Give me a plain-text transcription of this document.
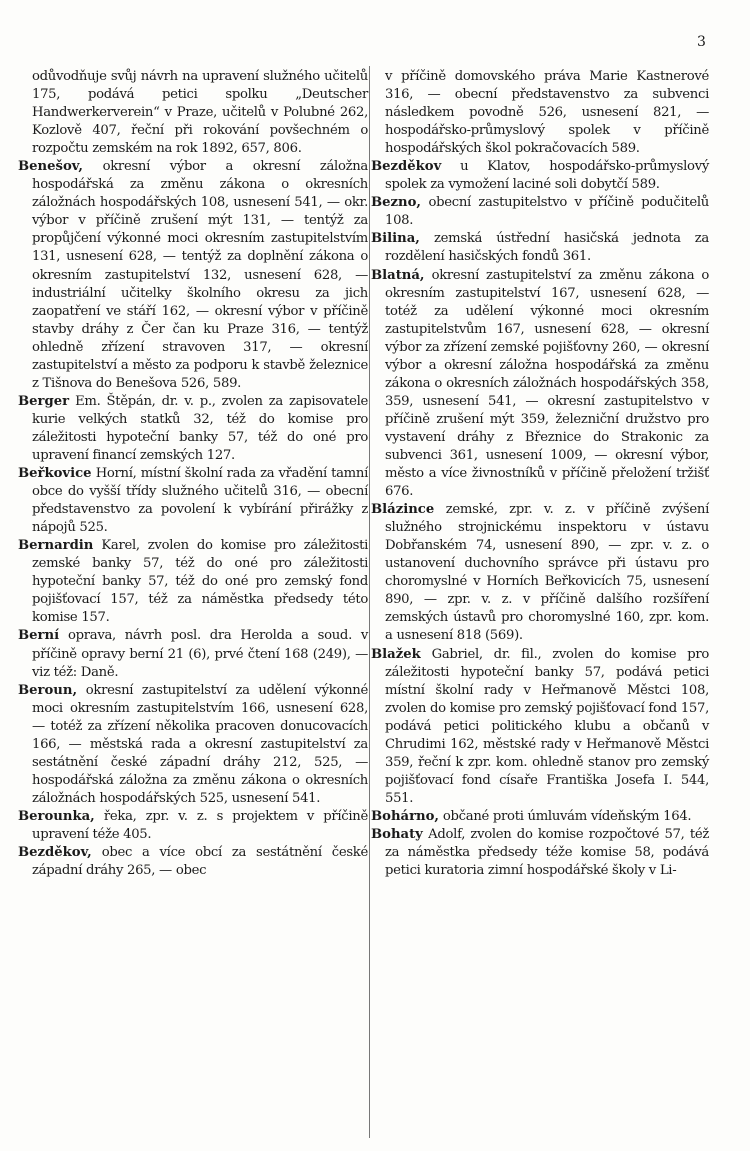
3

odůvodňuje svůj návrh na upravení služného učitelů 175, podává petici spolku „Deutscher Handwerkerverein“ v Praze, učitelů v Polubné 262, Kozlově 407, řeční při rokování povšechném o rozpočtu zemském na rok 1892, 657, 806.

Benešov, okresní výbor a okresní záložna hospodářská za změnu zákona o okresních záložnách hospodářských 108, usnesení 541, — okr. výbor v příčině zrušení mýt 131, — tentýž za propůjčení výkonné moci okresním zastupitelstvím 131, usnesení 628, — tentýž za doplnění zákona o okresním zastupitelství 132, usnesení 628, — industriální učitelky školního okresu za jich zaopatření ve stáří 162, — okresní výbor v příčině stavby dráhy z Čer čan ku Praze 316, — tentýž ohledně zřízení stravoven 317, — okresní zastupitelství a město za podporu k stavbě železnice z Tišnova do Benešova 526, 589.

Berger Em. Štěpán, dr. v. p., zvolen za zapisovatele kurie velkých statků 32, též do komise pro záležitosti hypoteční banky 57, též do oné pro upravení financí zemských 127.

Beřkovice Horní, místní školní rada za vřadění tamní obce do vyšší třídy služného učitelů 316, — obecní představenstvo za povolení k vybírání přirážky z nápojů 525.

Bernardin Karel, zvolen do komise pro záležitosti zemské banky 57, též do oné pro záležitosti hypoteční banky 57, též do oné pro zemský fond pojišťovací 157, též za náměstka předsedy této komise 157.

Berní oprava, návrh posl. dra Herolda a soud. v příčině opravy berní 21 (6), prvé čtení 168 (249), — viz též: Daně.

Beroun, okresní zastupitelství za udělení výkonné moci okresním zastupitelstvím 166, usnesení 628, — totéž za zřízení několika pracoven donucovacích 166, — městská rada a okresní zastupitelství za sestátnění české západní dráhy 212, 525, — hospodářská záložna za změnu zákona o okresních záložnách hospodářských 525, usnesení 541.

Berounka, řeka, zpr. v. z. s projektem v příčině upravení téže 405.

Bezděkov, obec a více obcí za sestátnění české západní dráhy 265, — obec

v příčině domovského práva Marie Kastnerové 316, — obecní představenstvo za subvenci následkem povodně 526, usnesení 821, — hospodářsko-průmyslový spolek v příčině hospodářských škol pokračovacích 589.

Bezděkov u Klatov, hospodářsko-průmyslový spolek za vymožení laciné soli dobytčí 589.

Bezno, obecní zastupitelstvo v příčině podučitelů 108.

Bilina, zemská ústřední hasičská jednota za rozdělení hasičských fondů 361.

Blatná, okresní zastupitelství za změnu zákona o okresním zastupitelství 167, usnesení 628, — totéž za udělení výkonné moci okresním zastupitelstvům 167, usnesení 628, — okresní výbor za zřízení zemské pojišťovny 260, — okresní výbor a okresní záložna hospodářská za změnu zákona o okresních záložnách hospodářských 358, 359, usnesení 541, — okresní zastupitelstvo v příčině zrušení mýt 359, železniční družstvo pro vystavení dráhy z Březnice do Strakonic za subvenci 361, usnesení 1009, — okresní výbor, město a více živnostníků v příčině přeložení tržišť 676.

Blázince zemské, zpr. v. z. v příčině zvýšení služného strojnickému inspektoru v ústavu Dobřanském 74, usnesení 890, — zpr. v. z. o ustanovení duchovního správce při ústavu pro choromyslné v Horních Beřkovicích 75, usnesení 890, — zpr. v. z. v příčině dalšího rozšíření zemských ústavů pro choromyslné 160, zpr. kom. a usnesení 818 (569).

Blažek Gabriel, dr. fil., zvolen do komise pro záležitosti hypoteční banky 57, podává petici místní školní rady v Heřmanově Městci 108, zvolen do komise pro zemský pojišťovací fond 157, podává petici politického klubu a občanů v Chrudimi 162, městské rady v Heřmanově Městci 359, řeční k zpr. kom. ohledně stanov pro zemský pojišťovací fond císaře Františka Josefa I. 544, 551.

Bohárno, občané proti úmluvám vídeňským 164.

Bohaty Adolf, zvolen do komise rozpočtové 57, též za náměstka předsedy téže komise 58, podává petici kuratoria zimní hospodářské školy v Li-
